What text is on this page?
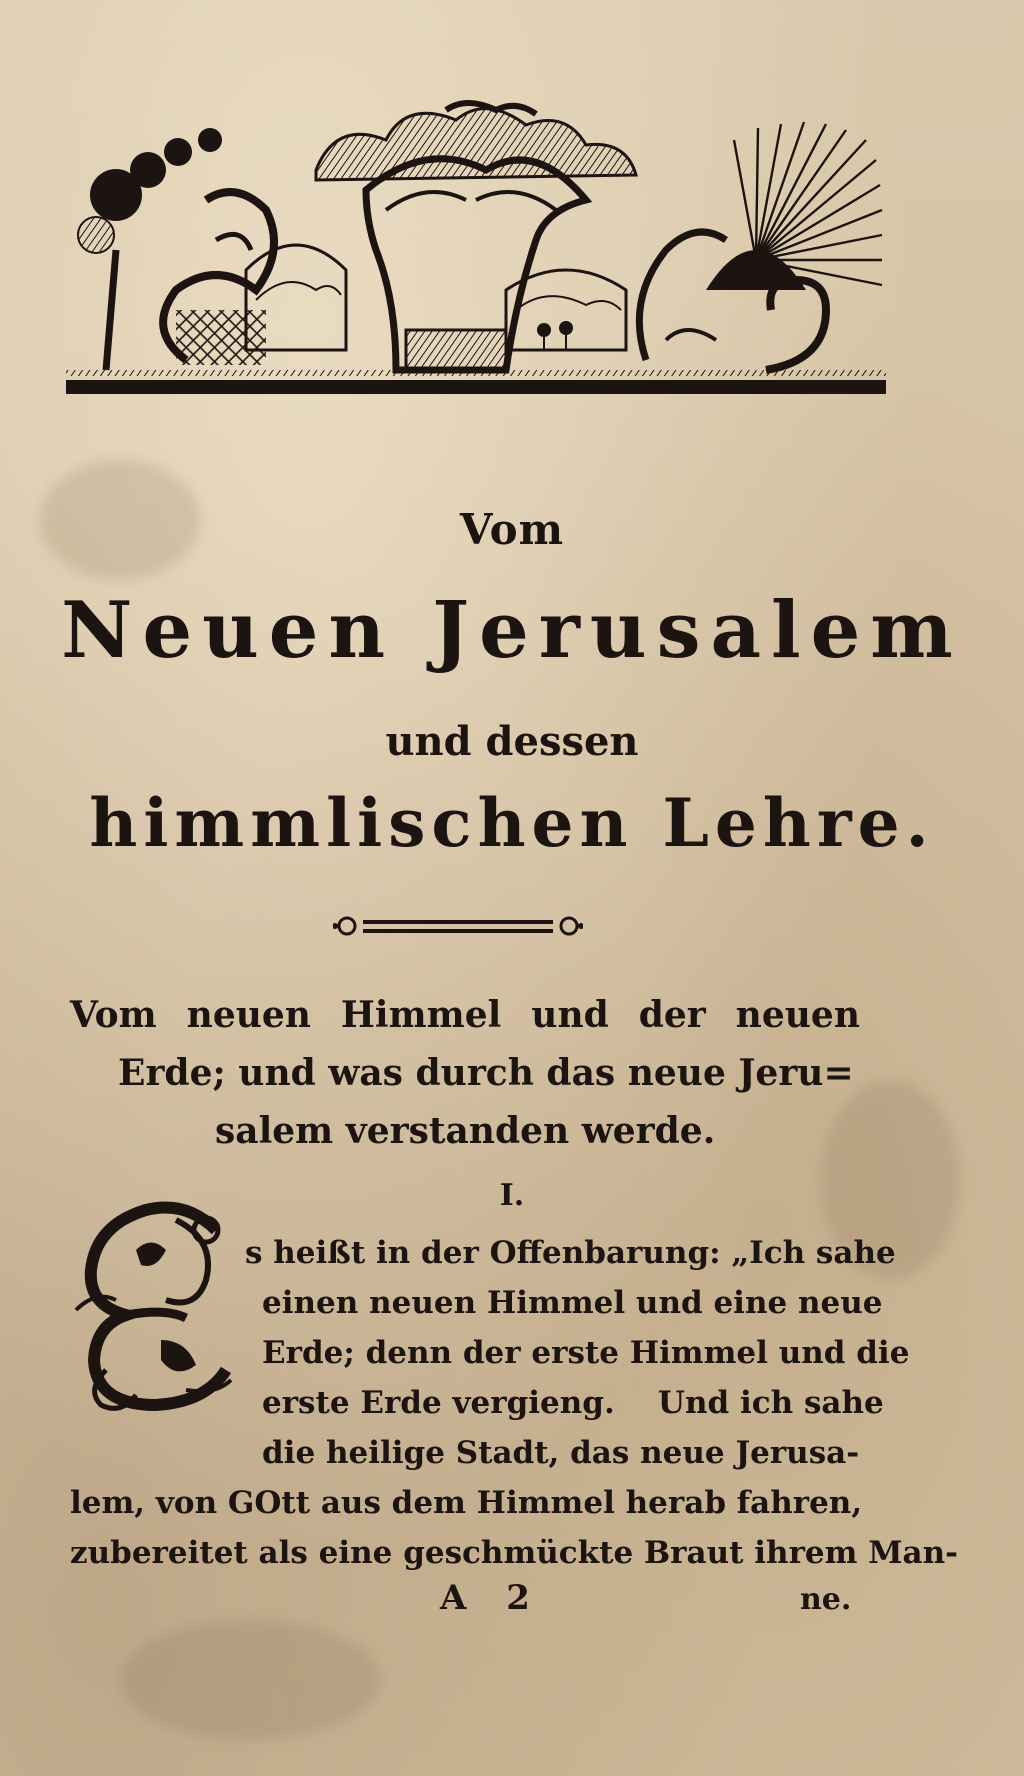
Vom
Neuen Jerusalem
und dessen
himmlischen Lehre.
Vom neuen Himmel und der neuen
Erde; und was durch das neue Jeru=
salem verstanden werde.
I.
s heißt in der Offenbarung: „Ich sahe
einen neuen Himmel und eine neue
Erde; denn der erste Himmel und die
erste Erde vergieng.    Und ich sahe
die heilige Stadt, das neue Jerusa-
lem, von GOtt aus dem Himmel herab fahren,
zubereitet als eine geschmückte Braut ihrem Man-
A 2	ne.
